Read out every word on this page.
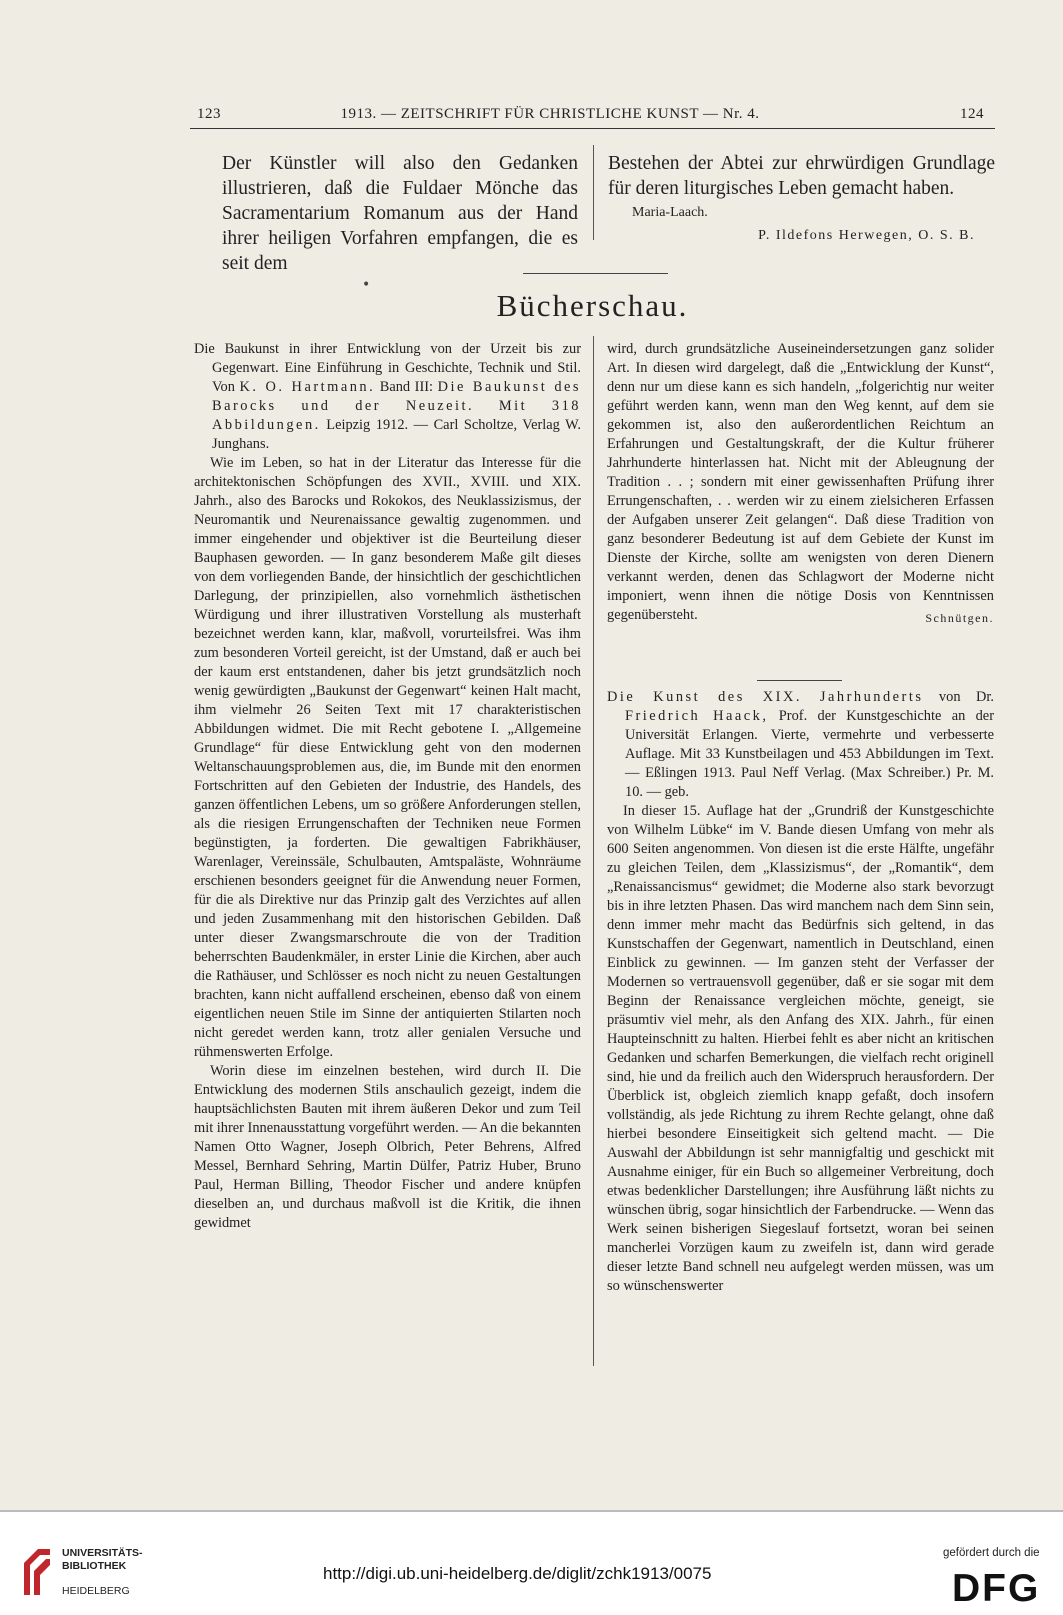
123	1913. — ZEITSCHRIFT FÜR CHRISTLICHE KUNST — Nr. 4.	124

Der Künstler will also den Gedanken illustrieren, daß die Fuldaer Mönche das Sacramentarium Romanum aus der Hand ihrer heiligen Vorfahren empfangen, die es seit dem

Bestehen der Abtei zur ehrwürdigen Grundlage für deren liturgisches Leben gemacht haben.

Maria-Laach.
P. Ildefons Herwegen, O. S. B.
•
Bücherschau.
Die Baukunst in ihrer Entwicklung von der Urzeit bis zur Gegenwart. Eine Einführung in Geschichte, Technik und Stil. Von K. O. Hartmann. Band III: Die Baukunst des Barocks und der Neuzeit. Mit 318 Abbildungen. Leipzig 1912. — Carl Scholtze, Verlag W. Junghans.
Wie im Leben, so hat in der Literatur das Interesse für die architektonischen Schöpfungen des XVII., XVIII. und XIX. Jahrh., also des Barocks und Rokokos, des Neuklassizismus, der Neuromantik und Neurenaissance gewaltig zugenommen. und immer eingehender und objektiver ist die Beurteilung dieser Bauphasen geworden. — In ganz besonderem Maße gilt dieses von dem vorliegenden Bande, der hinsichtlich der geschichtlichen Darlegung, der prinzipiellen, also vornehmlich ästhetischen Würdigung und ihrer illustrativen Vorstellung als musterhaft bezeichnet werden kann, klar, maßvoll, vorurteilsfrei. Was ihm zum besonderen Vorteil gereicht, ist der Umstand, daß er auch bei der kaum erst entstandenen, daher bis jetzt grundsätzlich noch wenig gewürdigten „Baukunst der Gegenwart“ keinen Halt macht, ihm vielmehr 26 Seiten Text mit 17 charakteristischen Abbildungen widmet. Die mit Recht gebotene I. „Allgemeine Grundlage“ für diese Entwicklung geht von den modernen Weltanschauungsproblemen aus, die, im Bunde mit den enormen Fortschritten auf den Gebieten der Industrie, des Handels, des ganzen öffentlichen Lebens, um so größere Anforderungen stellen, als die riesigen Errungenschaften der Techniken neue Formen begünstigten, ja forderten. Die gewaltigen Fabrikhäuser, Warenlager, Vereinssäle, Schulbauten, Amtspaläste, Wohnräume erschienen besonders geeignet für die Anwendung neuer Formen, für die als Direktive nur das Prinzip galt des Verzichtes auf allen und jeden Zusammenhang mit den historischen Gebilden. Daß unter dieser Zwangsmarschroute die von der Tradition beherrschten Baudenkmäler, in erster Linie die Kirchen, aber auch die Rathäuser, und Schlösser es noch nicht zu neuen Gestaltungen brachten, kann nicht auffallend erscheinen, ebenso daß von einem eigentlichen neuen Stile im Sinne der antiquierten Stilarten noch nicht geredet werden kann, trotz aller genialen Versuche und rühmenswerten Erfolge.
Worin diese im einzelnen bestehen, wird durch II. Die Entwicklung des modernen Stils anschaulich gezeigt, indem die hauptsächlichsten Bauten mit ihrem äußeren Dekor und zum Teil mit ihrer Innenausstattung vorgeführt werden. — An die bekannten Namen Otto Wagner, Joseph Olbrich, Peter Behrens, Alfred Messel, Bernhard Sehring, Martin Dülfer, Patriz Huber, Bruno Paul, Herman Billing, Theodor Fischer und andere knüpfen dieselben an, und durchaus maßvoll ist die Kritik, die ihnen gewidmet
wird, durch grundsätzliche Auseineindersetzungen ganz solider Art. In diesen wird dargelegt, daß die „Entwicklung der Kunst“, denn nur um diese kann es sich handeln, „folgerichtig nur weiter geführt werden kann, wenn man den Weg kennt, auf dem sie gekommen ist, also den außerordentlichen Reichtum an Erfahrungen und Gestaltungskraft, der die Kultur früherer Jahrhunderte hinterlassen hat. Nicht mit der Ableugnung der Tradition . . ; sondern mit einer gewissenhaften Prüfung ihrer Errungenschaften, . . werden wir zu einem zielsicheren Erfassen der Aufgaben unserer Zeit gelangen“. Daß diese Tradition von ganz besonderer Bedeutung ist auf dem Gebiete der Kunst im Dienste der Kirche, sollte am wenigsten von deren Dienern verkannt werden, denen das Schlagwort der Moderne nicht imponiert, wenn ihnen die nötige Dosis von Kenntnissen gegenübersteht.	Schnütgen.
Die Kunst des XIX. Jahrhunderts von Dr. Friedrich Haack, Prof. der Kunstgeschichte an der Universität Erlangen. Vierte, vermehrte und verbesserte Auflage. Mit 33 Kunstbeilagen und 453 Abbildungen im Text. — Eßlingen 1913. Paul Neff Verlag. (Max Schreiber.) Pr. M. 10. — geb.
In dieser 15. Auflage hat der „Grundriß der Kunstgeschichte von Wilhelm Lübke“ im V. Bande diesen Umfang von mehr als 600 Seiten angenommen. Von diesen ist die erste Hälfte, ungefähr zu gleichen Teilen, dem „Klassizismus“, der „Romantik“, dem „Renaissancismus“ gewidmet; die Moderne also stark bevorzugt bis in ihre letzten Phasen. Das wird manchem nach dem Sinn sein, denn immer mehr macht das Bedürfnis sich geltend, in das Kunstschaffen der Gegenwart, namentlich in Deutschland, einen Einblick zu gewinnen. — Im ganzen steht der Verfasser der Modernen so vertrauensvoll gegenüber, daß er sie sogar mit dem Beginn der Renaissance vergleichen möchte, geneigt, sie präsumtiv viel mehr, als den Anfang des XIX. Jahrh., für einen Haupteinschnitt zu halten. Hierbei fehlt es aber nicht an kritischen Gedanken und scharfen Bemerkungen, die vielfach recht originell sind, hie und da freilich auch den Widerspruch herausfordern. Der Überblick ist, obgleich ziemlich knapp gefaßt, doch insofern vollständig, als jede Richtung zu ihrem Rechte gelangt, ohne daß hierbei besondere Einseitigkeit sich geltend macht. — Die Auswahl der Abbildungn ist sehr mannigfaltig und geschickt mit Ausnahme einiger, für ein Buch so allgemeiner Verbreitung, doch etwas bedenklicher Darstellungen; ihre Ausführung läßt nichts zu wünschen übrig, sogar hinsichtlich der Farbendrucke. — Wenn das Werk seinen bisherigen Siegeslauf fortsetzt, woran bei seinen mancherlei Vorzügen kaum zu zweifeln ist, dann wird gerade dieser letzte Band schnell neu aufgelegt werden müssen, was um so wünschenswerter
UNIVERSITÄTS-
BIBLIOTHEK
HEIDELBERG
http://digi.ub.uni-heidelberg.de/diglit/zchk1913/0075
gefördert durch die
DFG
